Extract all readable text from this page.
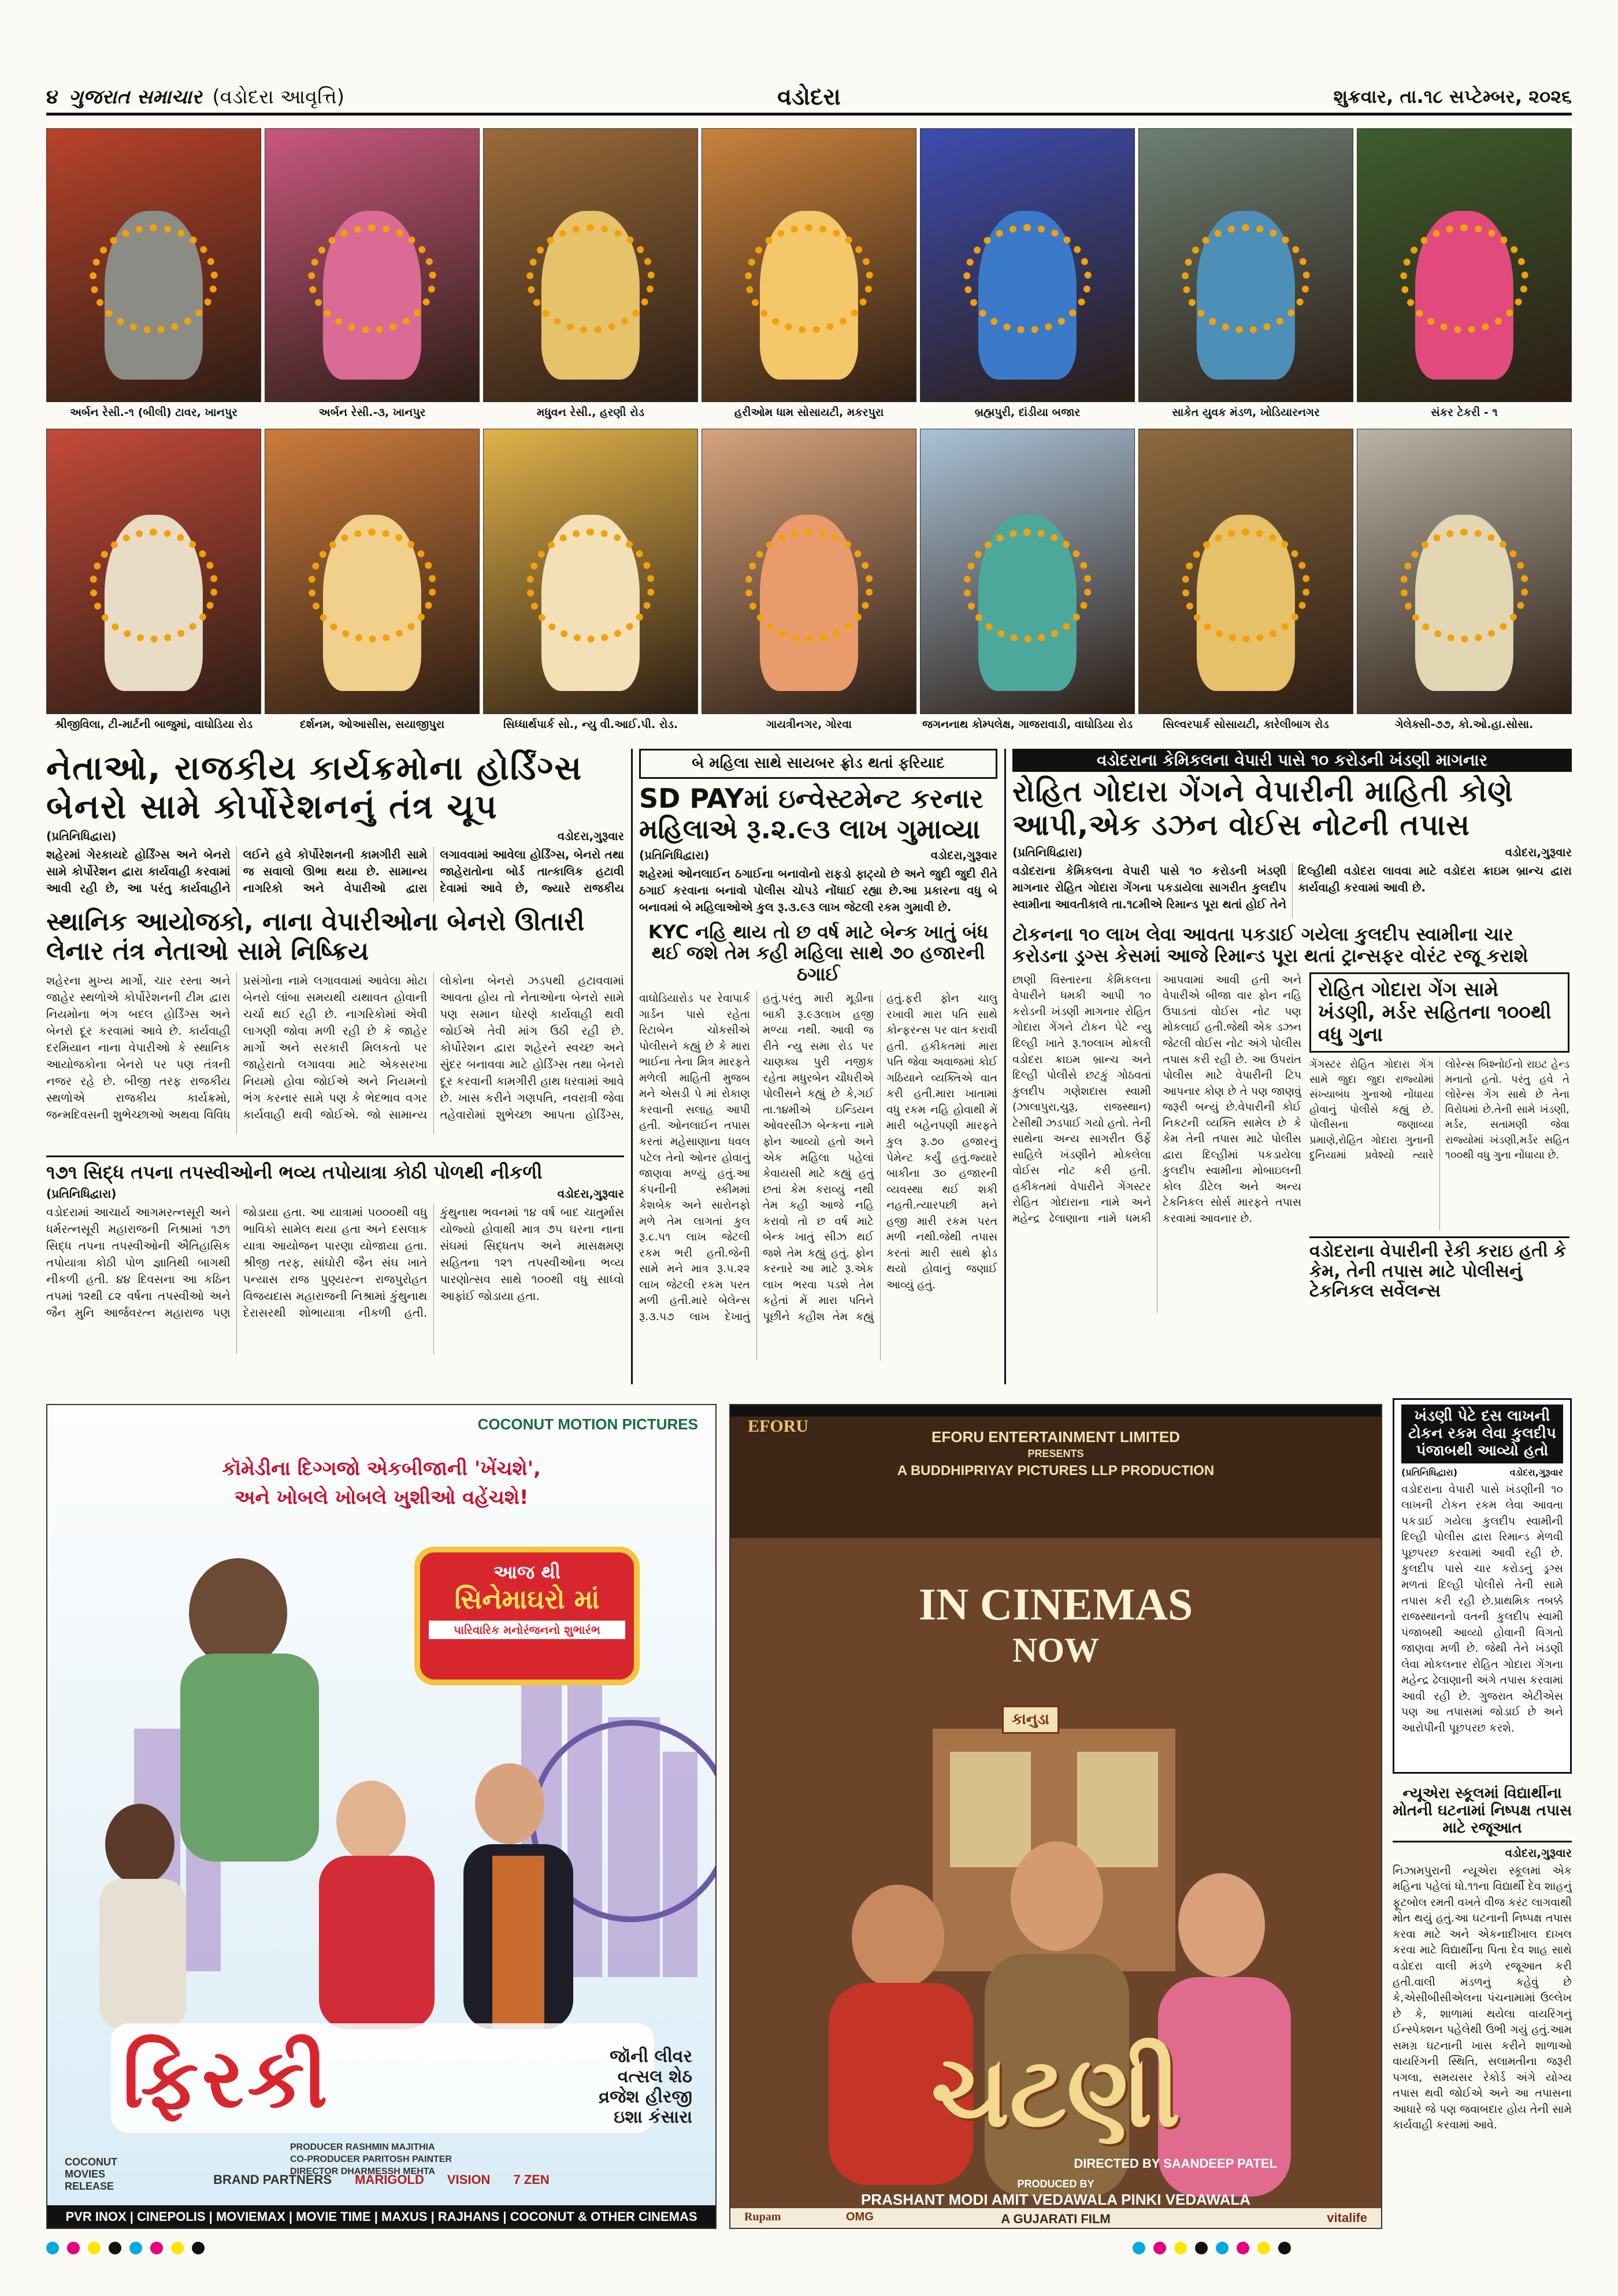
૪ ગુજરાત સમાચાર (વડોદરા આવૃત્તિ)	વડોદરા	શુક્રવાર, તા.૧૮ સપ્ટેમ્બર, ૨૦૨૬
અર્બન રેસી.-૧ (બીલી) ટાવર, ખાનપુર	અર્બન રેસી.-૩, ખાનપુર	મધુવન રેસી., હરણી રોડ	હરીઓમ ધામ સોસાયટી, મકરપુરા	બ્રહ્મપુરી, દાંડીયા બજાર	સાકેત યુવક મંડળ, ખોડિયારનગર	સંકર ટેકરી - ૧
શ્રીજીવિલા, ટી-માર્ટની બાજુમાં, વાઘોડિયા રોડ	દર્શનમ, ઓઆસીસ, સયાજીપુરા	સિધ્ધાર્થપાર્ક સો., ન્યુ વી.આઈ.પી. રોડ.	ગાયત્રીનગર, ગોરવા	જગનનાથ કોમ્પલેક્ષ, ગાજરાવાડી, વાઘોડિયા રોડ	સિલ્વરપાર્ક સોસાયટી, કારેલીબાગ રોડ	ગેલેક્સી-૭૭, કો.ઓ.હા.સોસા.
નેતાઓ, રાજકીય કાર્યક્રમોના હોર્ડિંગ્સ બેનરો સામે કોર્પોરેશનનું તંત્ર ચૂપ
(પ્રતિનિધિદ્વારા)	વડોદરા,ગુરૂવાર
શહેરમાં ગેરકાયદે હોર્ડિંગ્સ અને બેનરો સામે કોર્પોરેશન દ્વારા કાર્યવાહી કરવામાં આવી રહી છે, આ પરંતુ કાર્યવાહીને લઈને હવે કોર્પોરેશનની કામગીરી સામે જ સવાલો ઊભા થયા છે. સામાન્ય નાગરિકો અને વેપારીઓ દ્વારા લગાવવામાં આવેલા હોર્ડિંગ્સ, બેનરો તથા જાહેરાતોના બોર્ડ તાત્કાલિક હટાવી દેવામાં આવે છે, જ્યારે રાજકીય
સ્થાનિક આયોજકો, નાના વેપારીઓના બેનરો ઊતારી લેનાર તંત્ર નેતાઓ સામે નિષ્ક્રિય
શહેરના મુખ્ય માર્ગો, ચાર રસ્તા અને જાહેર સ્થળોએ કોર્પોરેશનની ટીમ દ્વારા નિયમોના ભંગ બદલ હોર્ડિંગ્સ અને બેનરો દૂર કરવામાં આવે છે. કાર્યવાહી દરમિયાન નાના વેપારીઓ કે સ્થાનિક આયોજકોના બેનરો પર પણ તંત્રની નજર રહે છે. બીજી તરફ રાજકીય સ્થળોએ રાજકીય કાર્યક્રમો, જન્મદિવસની શુભેચ્છાઓ અથવા વિવિધ પ્રસંગોના નામે લગાવવામાં આવેલા મોટા બેનરો લાંબા સમયથી યથાવત હોવાની ચર્ચા થઈ રહી છે. નાગરિકોમાં એવી લાગણી જોવા મળી રહી છે કે જાહેર માર્ગો અને સરકારી મિલકતો પર જાહેરાતો લગાવવા માટે એકસરખા નિયમો હોવા જોઈએ અને નિયમનો ભંગ કરનાર સામે પણ કે ભેદભાવ વગર કાર્યવાહી થવી જોઈએ. જો સામાન્ય લોકોના બેનરો ઝડપથી હટાવવામાં આવતા હોય તો નેતાઓના બેનરો સામે પણ સમાન ધોરણે કાર્યવાહી થવી જોઈએ તેવી માંગ ઉઠી રહી છે. કોર્પોરેશન દ્વારા શહેરને સ્વચ્છ અને સુંદર બનાવવા માટે હોર્ડિંગ્સ તથા બેનરો દૂર કરવાની કામગીરી હાથ ધરવામાં આવે છે. ખાસ કરીને ગણપતિ, નવરાત્રી જેવા તહેવારોમાં શુભેચ્છા આપતા હોર્ડિંગ્સ,
૧૭૧ સિદ્ધ તપના તપસ્વીઓની ભવ્ય તપોયાત્રા કોઠી પોળથી નીકળી
(પ્રતિનિધિદ્વારા)	વડોદરા,ગુરૂવાર
વડોદરામાં આચાર્ય આગમરત્નસૂરી અને ધર્મરત્નસૂરી મહારાજની નિશ્રામાં ૧૭૧ સિદ્ધ તપના તપસ્વીઓની ઐતિહાસિક તપોયાત્રા કોઠી પોળ જ્ઞાતિથી બાગથી નીકળી હતી. ૪૪ દિવસના આ કઠિન તપમાં ૧૨થી ૮૨ વર્ષના તપસ્વીઓ અને જૈન મુનિ આર્જવરત્ન મહારાજ પણ જોડાયા હતા. આ યાત્રામાં ૫૦૦૦થી વધુ ભાવિકો સામેલ થયા હતા અને દસલાક યાત્રા આયોજન પારણા યોજાયા હતા. શ્રીજી તરફ, સાંઘોરી જૈન સંઘ ખાતે પન્યાસ રાજ પુણ્યરત્ન રાજપુરોહત વિજયદાસ મહારાજની નિશ્રામાં કુંથુનાથ દેરાસરથી શોભાયાત્રા નીકળી હતી. કુંથુનાથ ભવનમાં ૧૪ વર્ષ બાદ ચાતુર્માસ યોજ્યો હોવાથી માત્ર ૭૫ ઘરના નાના સંઘમાં સિદ્ધતપ અને માસક્ષમણ સહિતના ૧૨૧ તપસ્વીઓના ભવ્ય પારણોત્સવ સાથે ૧૦૦થી વધુ સાધ્વો આફાંઈ જોડાયા હતા.
બે મહિલા સાથે સાયબર ફ્રોડ થતાં ફરિયાદ
SD PAYમાં ઇન્વેસ્ટમેન્ટ કરનાર મહિલાએ રૂ.૨.૯૩ લાખ ગુમાવ્યા
(પ્રતિનિધિદ્વારા)	વડોદરા,ગુરૂવાર
શહેરમાં ઓનલાઈન ઠગાઈના બનાવોનો રાફડો ફાટ્યો છે અને જુદી જુદી રીતે ઠગાઈ કરવાના બનાવો પોલીસ ચોપડે નોંધાઈ રહ્યા છે.આ પ્રકારના વધુ બે બનાવમાં બે મહિલાઓએ કુલ રૂ.૩.૯૩ લાખ જેટલી રકમ ગુમાવી છે.
KYC નહિ થાય તો છ વર્ષ માટે બેન્ક ખાતું બંધ થઈ જશે તેમ કહી મહિલા સાથે ૭૦ હજારની ઠગાઈ
વાઘોડિયારોડ પર રેવાપાર્ક ગાર્ડન પાસે રહેતા રિટાબેન ચોકસીએ પોલીસને કહ્યું છે કે મારા ભાઈના તેના મિત્ર મારફતે મળેલી માહિતી મુજબ મને એસડી પે માં રોકાણ કરવાની સલાહ આપી હતી. ઓનલાઈન તપાસ કરતાં મહેસાણાના ધવલ પટેલ તેનો ઓનર હોવાનું જાણવા મળ્યું હતું.આ કંપનીની સ્કીમમાં કેશબેક અને સારોનફો મળે તેમ લાગતાં કુલ રૂ.૮.૫૧ લાખ જેટલી રકમ ભરી હતી.જેની સામે મને માત્ર રૂ.૫.૨૨ લાખ જેટલી રકમ પરત મળી હતી.મારે બેલેન્સ રૂ.૩.૫૭ લાખ દેખાતું હતું.પરંતુ મારી મૂડીના બાકી રૂ.૯૩લાખ હજી મળ્યા નથી. આવી જ રીતે ન્યુ સમા રોડ પર ચાણક્ય પુરી નજીક રહેતા મધુરબેન ચૌધરીએ પોલીસને કહ્યું છે કે,ગઈ તા.૧૪મીએ ઇન્ડિયન ઓવરસીઝ બેન્કના નામે ફોન આવ્યો હતો અને એક મહિલા પહેલાં કેવાયસી માટે કહ્યું હતું છતાં કેમ કરાવ્યું નથી તેમ કહી આજે નહિ કરાવો તો છ વર્ષ માટે બેન્ક ખાતું સીઝ થઈ જશે તેમ કહ્યું હતું. ફોન કરનારે આ માટે રૂ.એક લાખ ભરવા પડશે તેમ કહેતાં મેં મારા પતિને પૂછીને કહીશ તેમ કહ્યું હતું.ફરી ફોન ચાલુ રખાવી મારા પતિ સાથે કોન્ફરન્સ પર વાત કરાવી હતી. હકીકતમાં મારા પતિ જેવા અવાજમાં કોઈ ગઠિયાને વ્યક્તિએ વાત કરી હતી.મારા ખાતામાં વધુ રકમ નહિ હોવાથી મેં મારી બહેનપણી મારફતે કુલ રૂ.૭૦ હજારનું પેમેન્ટ કર્યું હતું.જ્યારે બાકીના ૩૦ હજારની વ્યવસ્થા થઈ શકી નહતી.ત્યારપછી મને હજી મારી રકમ પરત મળી નથી.જેથી તપાસ કરતાં મારી સાથે ફ્રોડ થયો હોવાનું જણાઈ આવ્યું હતું.
વડોદરાના કેમિકલના વેપારી પાસે ૧૦ કરોડની ખંડણી માગનાર
રોહિત ગોદારા ગેંગને વેપારીની માહિતી કોણે આપી,એક ડઝન વોઈસ નોટની તપાસ
(પ્રતિનિધિદ્વારા)	વડોદરા,ગુરૂવાર
વડોદરાના કેમિકલના વેપારી પાસે ૧૦ કરોડની ખંડણી માગનાર રોહિત ગોદારા ગેંગના પકડાયેલા સાગરીત કુલદીપ સ્વામીના આવતીકાલે તા.૧૮મીએ રિમાન્ડ પૂરા થતાં હોઈ તેને દિલ્હીથી વડોદરા લાવવા માટે વડોદરા ક્રાઇમ બ્રાન્ચ દ્વારા કાર્યવાહી કરવામાં આવી છે.
ટોકનના ૧૦ લાખ લેવા આવતા પકડાઈ ગયેલા કુલદીપ સ્વામીના ચાર કરોડના ડ્રગ્સ કેસમાં આજે રિમાન્ડ પૂરા થતાં ટ્રાન્સફર વોરંટ રજૂ કરાશે
છાણી વિસ્તારના કેમિકલના વેપારીને ધમકી આપી ૧૦ કરોડની ખંડણી માગનાર રોહિત ગોદારા ગેંગને ટોકન પેટે ન્યુ દિલ્હી ખાતે રૂ.૧૦લાખ મોકલી વડોદરા ક્રાઇમ બ્રાન્ચ અને દિલ્હી પોલીસે છટકું ગોઠવતાં કુલદીપ ગણેશદાસ સ્વામી (ઝાલાપુરા,ચુરૂ, રાજસ્થાન) ટેસીથી ઝડપાઈ ગયો હતો. તેની સાથેના અન્ય સાગરીત ઉર્ફે સાહિલે ખંડણીને મોકલેલા વોઈસ નોટ કરી હતી. હકીકતમાં વેપારીને ગેંગસ્ટર રોહિત ગોદારાના નામે અને મહેન્દ્ર ઢેલાણાના નામે ધમકી આપવામાં આવી હતી અને વેપારીએ બીજા વાર ફોન નહિ ઉપાડતાં વોઈસ નોટ પણ મોકલાઈ હતી.જેથી એક ડઝન જેટલી વોઈસ નોટ અંગે પોલીસ તપાસ કરી રહી છે. આ ઉપરાંત પોલીસ માટે વેપારીની ટિપ આપનાર કોણ છે તે પણ જાણવું જરૂરી બન્યું છે.વેપારીની કોઈ નિકટની વ્યક્તિ સામેલ છે કે કેમ તેની તપાસ માટે પોલીસ દ્વારા દિલ્હીમાં પકડાયેલા કુલદીપ સ્વામીના મોબાઇલની કોલ ડીટેલ અને અન્ય ટેકનિકલ સોર્સ મારફતે તપાસ કરવામાં આવનાર છે.
રોહિત ગોદારા ગેંગ સામે ખંડણી, મર્ડર સહિતના ૧૦૦થી વધુ ગુના
ગેંગસ્ટર રોહિત ગોદારા ગેંગ સામે જુદા જુદા રાજ્યોમાં સંખ્યાબંધ ગુનાઓ નોંધાયા હોવાનું પોલીસે કહ્યું છે. પોલીસના જણાવ્યા પ્રમાણે,રોહિત ગોદારા ગુનાની દુનિયામાં પ્રવેશ્યો ત્યારે લોરેન્સ બિશ્નોઈનો રાઇટ હેન્ડ મનાતો હતો. પરંતુ હવે તે લોરેન્સ ગેંગ સાથે છે તેના વિરોધમાં છે.તેની સામે ખંડણી, મર્ડર, સતામણી જેવા રાજ્યોમાં ખંડણી,મર્ડર સહિત ૧૦૦થી વધુ ગુના નોંધાયા છે.
વડોદરાના વેપારીની રેકી કરાઇ હતી કે કેમ, તેની તપાસ માટે પોલીસનું ટેકનિકલ સર્વેલન્સ
ખંડણી પેટે દસ લાખની ટોકન રકમ લેવા કુલદીપ પંજાબથી આવ્યો હતો
(પ્રતિનિધિદ્વારા)	વડોદરા,ગુરૂવાર
વડોદરાના વેપારી પાસે ખંડણીની ૧૦ લાખની ટોકન રકમ લેવા આવતા પકડાઈ ગયેલા કુલદીપ સ્વામીની દિલ્હી પોલીસ દ્વારા રિમાન્ડ મેળવી પૂછપરછ કરવામાં આવી રહી છે. કુલદીપ પાસે ચાર કરોડનું ડ્રગ્સ મળતાં દિલ્હી પોલીસે તેની સામે તપાસ કરી રહી છે.પ્રાથમિક તબક્કે રાજસ્થાનનો વતની કુલદીપ સ્વામી પંજાબથી આવ્યો હોવાની વિગતો જાણવા મળી છે. જેથી તેને ખંડણી લેવા મોકલનાર રોહિત ગોદારા ગેંગના મહેન્દ્ર ઢેલાણાની અંગે તપાસ કરવામાં આવી રહી છે. ગુજરાત એટીએસ પણ આ તપાસમાં જોડાઈ છે અને આરોપીની પૂછપરછ કરશે.
ન્યૂએરા સ્કૂલમાં વિદ્યાર્થીના મોતની ઘટનામાં નિષ્પક્ષ તપાસ માટે રજૂઆત
વડોદરા,ગુરૂવાર
નિઝામપુરાની ન્યૂએરા સ્કૂલમાં એક મહિના પહેલાં ધો.૧૧ના વિદ્યાર્થી દેવ શાહનું ફૂટબોલ રમતી વખતે વીજ કરંટ લાગવાથી મોત થયું હતું.આ ઘટનાની નિષ્પક્ષ તપાસ કરવા માટે અને એકનાદીખાલ દાખલ કરવા માટે વિદ્યાર્થીના પિતા દેવ શાહ સાથે વડોદરા વાલી મંડળે રજૂઆત કરી હતી.વાલી મંડળનું કહેવું છે કે,એસીબીસીએલના પંચનામામાં ઉલ્લેખ છે કે, શાળામાં થયેલા વાયરિંગનું ઈન્સ્પેક્શન પહેલેથી ઉભી ગયું હતું.આમ સમગ્ર ઘટનાની ખાસ કરીને શાળાઓ વાયરિંગની સ્થિતિ, સલામતીના જરૂરી પગલા, સમયસર રેકોર્ડ અંગે યોગ્ય તપાસ થવી જોઈએ અને આ તપાસના આધારે જે પણ જવાબદાર હોય તેની સામે કાર્યવાહી કરવામાં આવે.
COCONUT MOTION PICTURES
કૉમેડીના દિગ્ગજો એકબીજાની 'ખેંચશે',
અને ખોબલે ખોબલે ખુશીઓ વહેંચશે!
આજ થી
સિનેમાઘરો માં
પારિવારિક મનોરંજનનો શુભારંભ
ફિરકી	જૉની લીવર
વત્સલ શેઠ
વ્રજેશ હીરજી
ઇશા કંસારા
PRODUCER RASHMIN MAJITHIA
CO-PRODUCER PARITOSH PAINTER
DIRECTOR DHARMESSH MEHTA
COCONUT MOVIES RELEASE	BRAND PARTNERS MARIGOLD VISION 7 ZEN
PVR INOX | CINEPOLIS | MOVIEMAX | MOVIE TIME | MAXUS | RAJHANS | COCONUT & OTHER CINEMAS
EFORU ENTERTAINMENT LIMITED
PRESENTS
A BUDDHIPRIYAY PICTURES LLP PRODUCTION
EFORU
IN CINEMAS
NOW
કાનુડા
ચટણી
DIRECTED BY SAANDEEP PATEL
PRODUCED BY
PRASHANT MODI AMIT VEDAWALA PINKI VEDAWALA
A GUJARATI FILM
Rupam	OMG	vitalife
